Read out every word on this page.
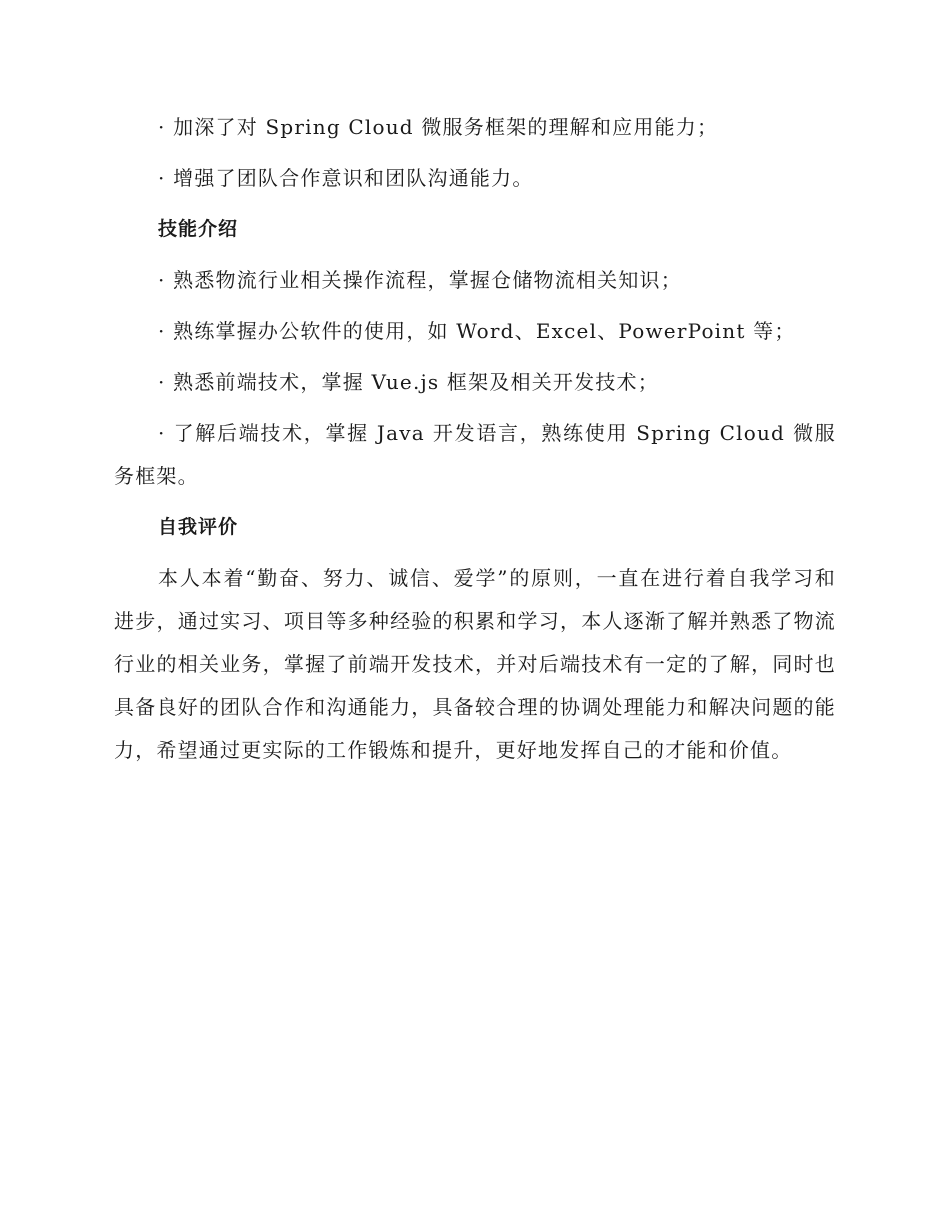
· 加深了对 Spring Cloud 微服务框架的理解和应用能力；

· 增强了团队合作意识和团队沟通能力。

技能介绍

· 熟悉物流行业相关操作流程，掌握仓储物流相关知识；

· 熟练掌握办公软件的使用，如 Word、Excel、PowerPoint 等；

· 熟悉前端技术，掌握 Vue.js 框架及相关开发技术；

· 了解后端技术，掌握 Java 开发语言，熟练使用 Spring Cloud 微服务框架。

自我评价

本人本着“勤奋、努力、诚信、爱学”的原则，一直在进行着自我学习和进步，通过实习、项目等多种经验的积累和学习，本人逐渐了解并熟悉了物流行业的相关业务，掌握了前端开发技术，并对后端技术有一定的了解，同时也具备良好的团队合作和沟通能力，具备较合理的协调处理能力和解决问题的能力，希望通过更实际的工作锻炼和提升，更好地发挥自己的才能和价值。
